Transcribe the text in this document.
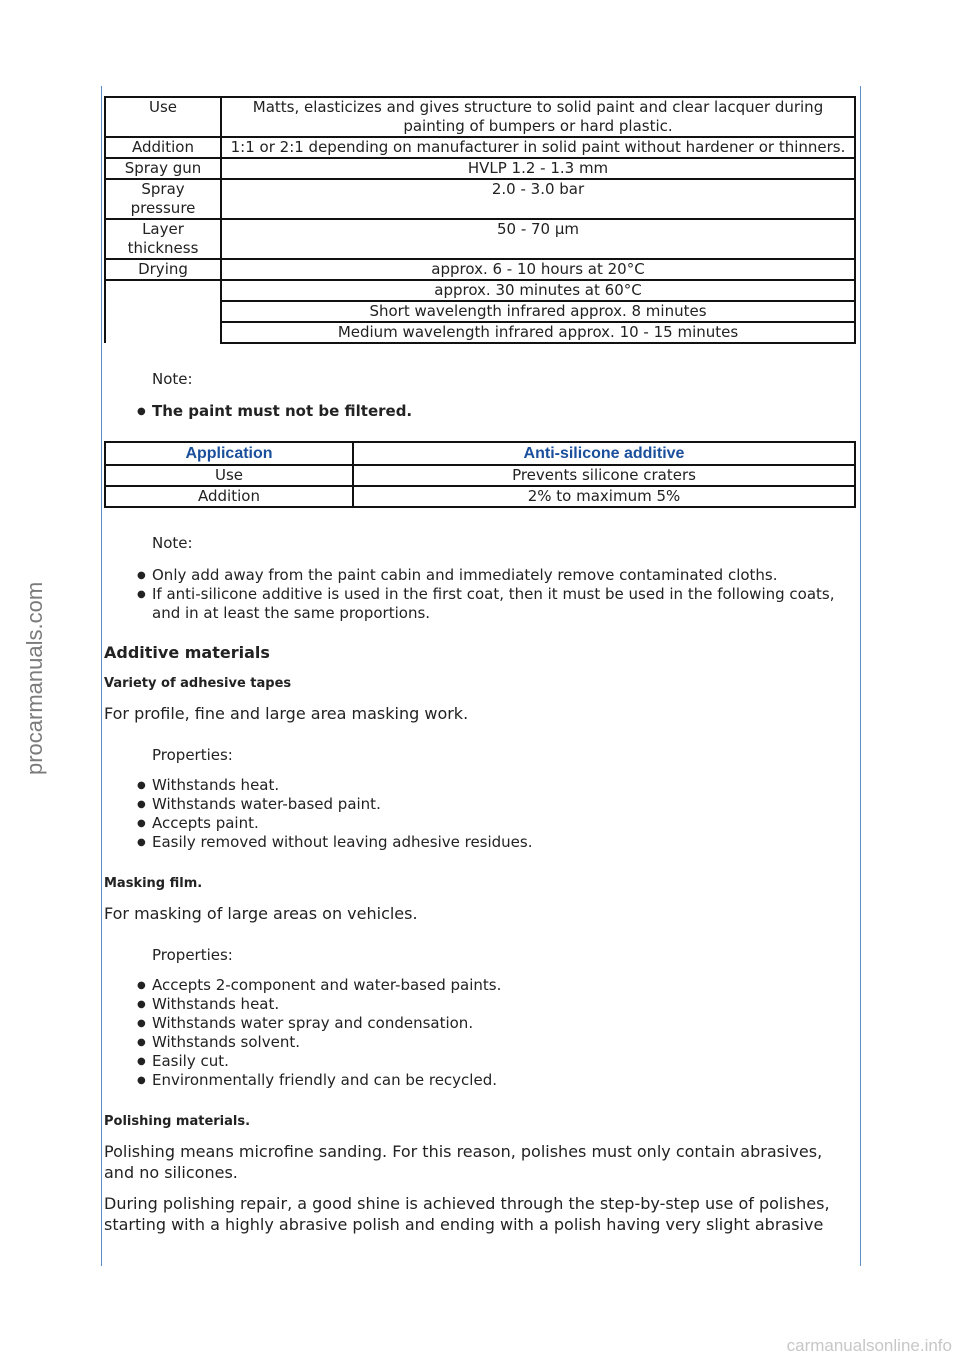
Use	Matts, elasticizes and gives structure to solid paint and clear lacquer during painting of bumpers or hard plastic.
Addition	1:1 or 2:1 depending on manufacturer in solid paint without hardener or thinners.
Spray gun	HVLP 1.2 - 1.3 mm
Spray pressure	2.0 - 3.0 bar
Layer thickness	50 - 70 µm
Drying	approx. 6 - 10 hours at 20°C
	approx. 30 minutes at 60°C
	Short wavelength infrared approx. 8 minutes
	Medium wavelength infrared approx. 10 - 15 minutes
Note:
● The paint must not be filtered.
Application	Anti-silicone additive
Use	Prevents silicone craters
Addition	2% to maximum 5%
Note:
● Only add away from the paint cabin and immediately remove contaminated cloths.
● If anti-silicone additive is used in the first coat, then it must be used in the following coats, and in at least the same proportions.
Additive materials
Variety of adhesive tapes

For profile, fine and large area masking work.

Properties:
● Withstands heat.
● Withstands water-based paint.
● Accepts paint.
● Easily removed without leaving adhesive residues.
Masking film.

For masking of large areas on vehicles.

Properties:
● Accepts 2-component and water-based paints.
● Withstands heat.
● Withstands water spray and condensation.
● Withstands solvent.
● Easily cut.
● Environmentally friendly and can be recycled.
Polishing materials.

Polishing means microfine sanding. For this reason, polishes must only contain abrasives, and no silicones.

During polishing repair, a good shine is achieved through the step-by-step use of polishes, starting with a highly abrasive polish and ending with a polish having very slight abrasive

procarmanuals.com
carmanualsonline.info
